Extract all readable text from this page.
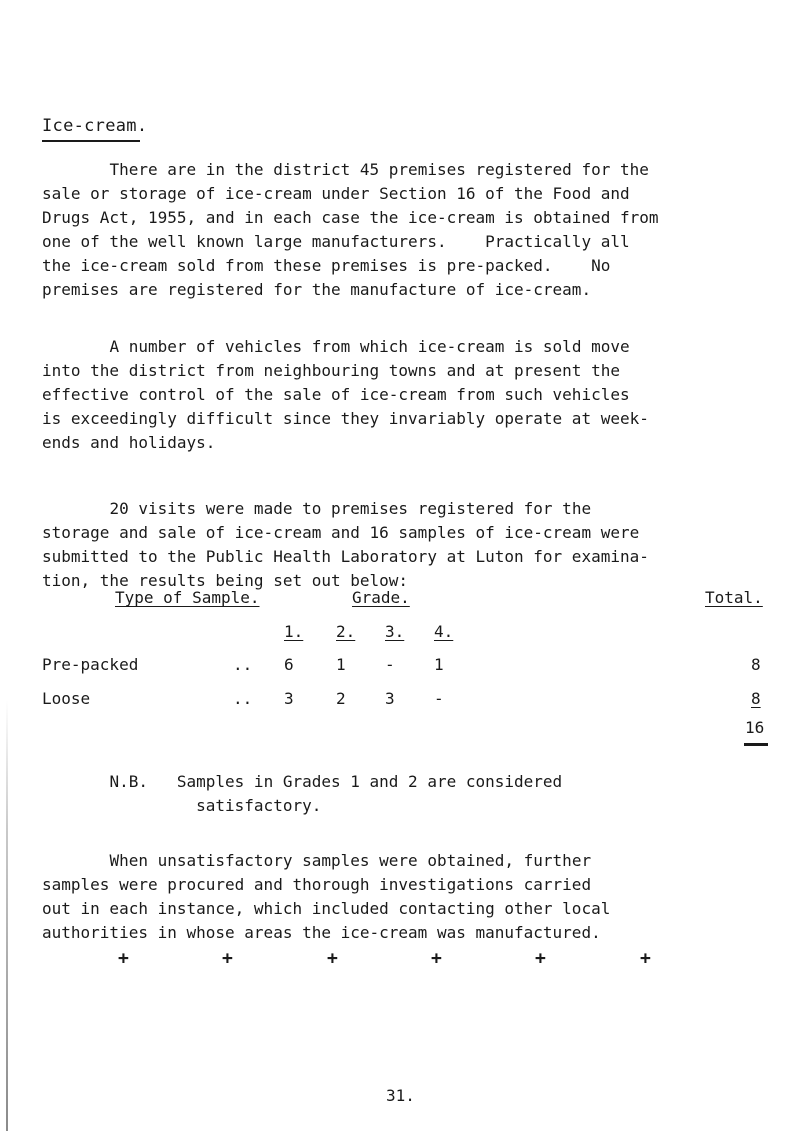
Ice-cream.

There are in the district 45 premises registered for the
sale or storage of ice-cream under Section 16 of the Food and
Drugs Act, 1955, and in each case the ice-cream is obtained from
one of the well known large manufacturers.    Practically all
the ice-cream sold from these premises is pre-packed.    No
premises are registered for the manufacture of ice-cream.

A number of vehicles from which ice-cream is sold move
into the district from neighbouring towns and at present the
effective control of the sale of ice-cream from such vehicles
is exceedingly difficult since they invariably operate at week-
ends and holidays.

20 visits were made to premises registered for the
storage and sale of ice-cream and 16 samples of ice-cream were
submitted to the Public Health Laboratory at Luton for examina-
tion, the results being set out below:

Type of Sample.	Grade.	Total.
1. 2. 3. 4.
Pre-packed	.. 6	1 - 1	8
Loose	.. 3	2 3 -	8
16

N.B.   Samples in Grades 1 and 2 are considered
satisfactory.

When unsatisfactory samples were obtained, further
samples were procured and thorough investigations carried
out in each instance, which included contacting other local
authorities in whose areas the ice-cream was manufactured.

+	+	+	+	+	+
31.
